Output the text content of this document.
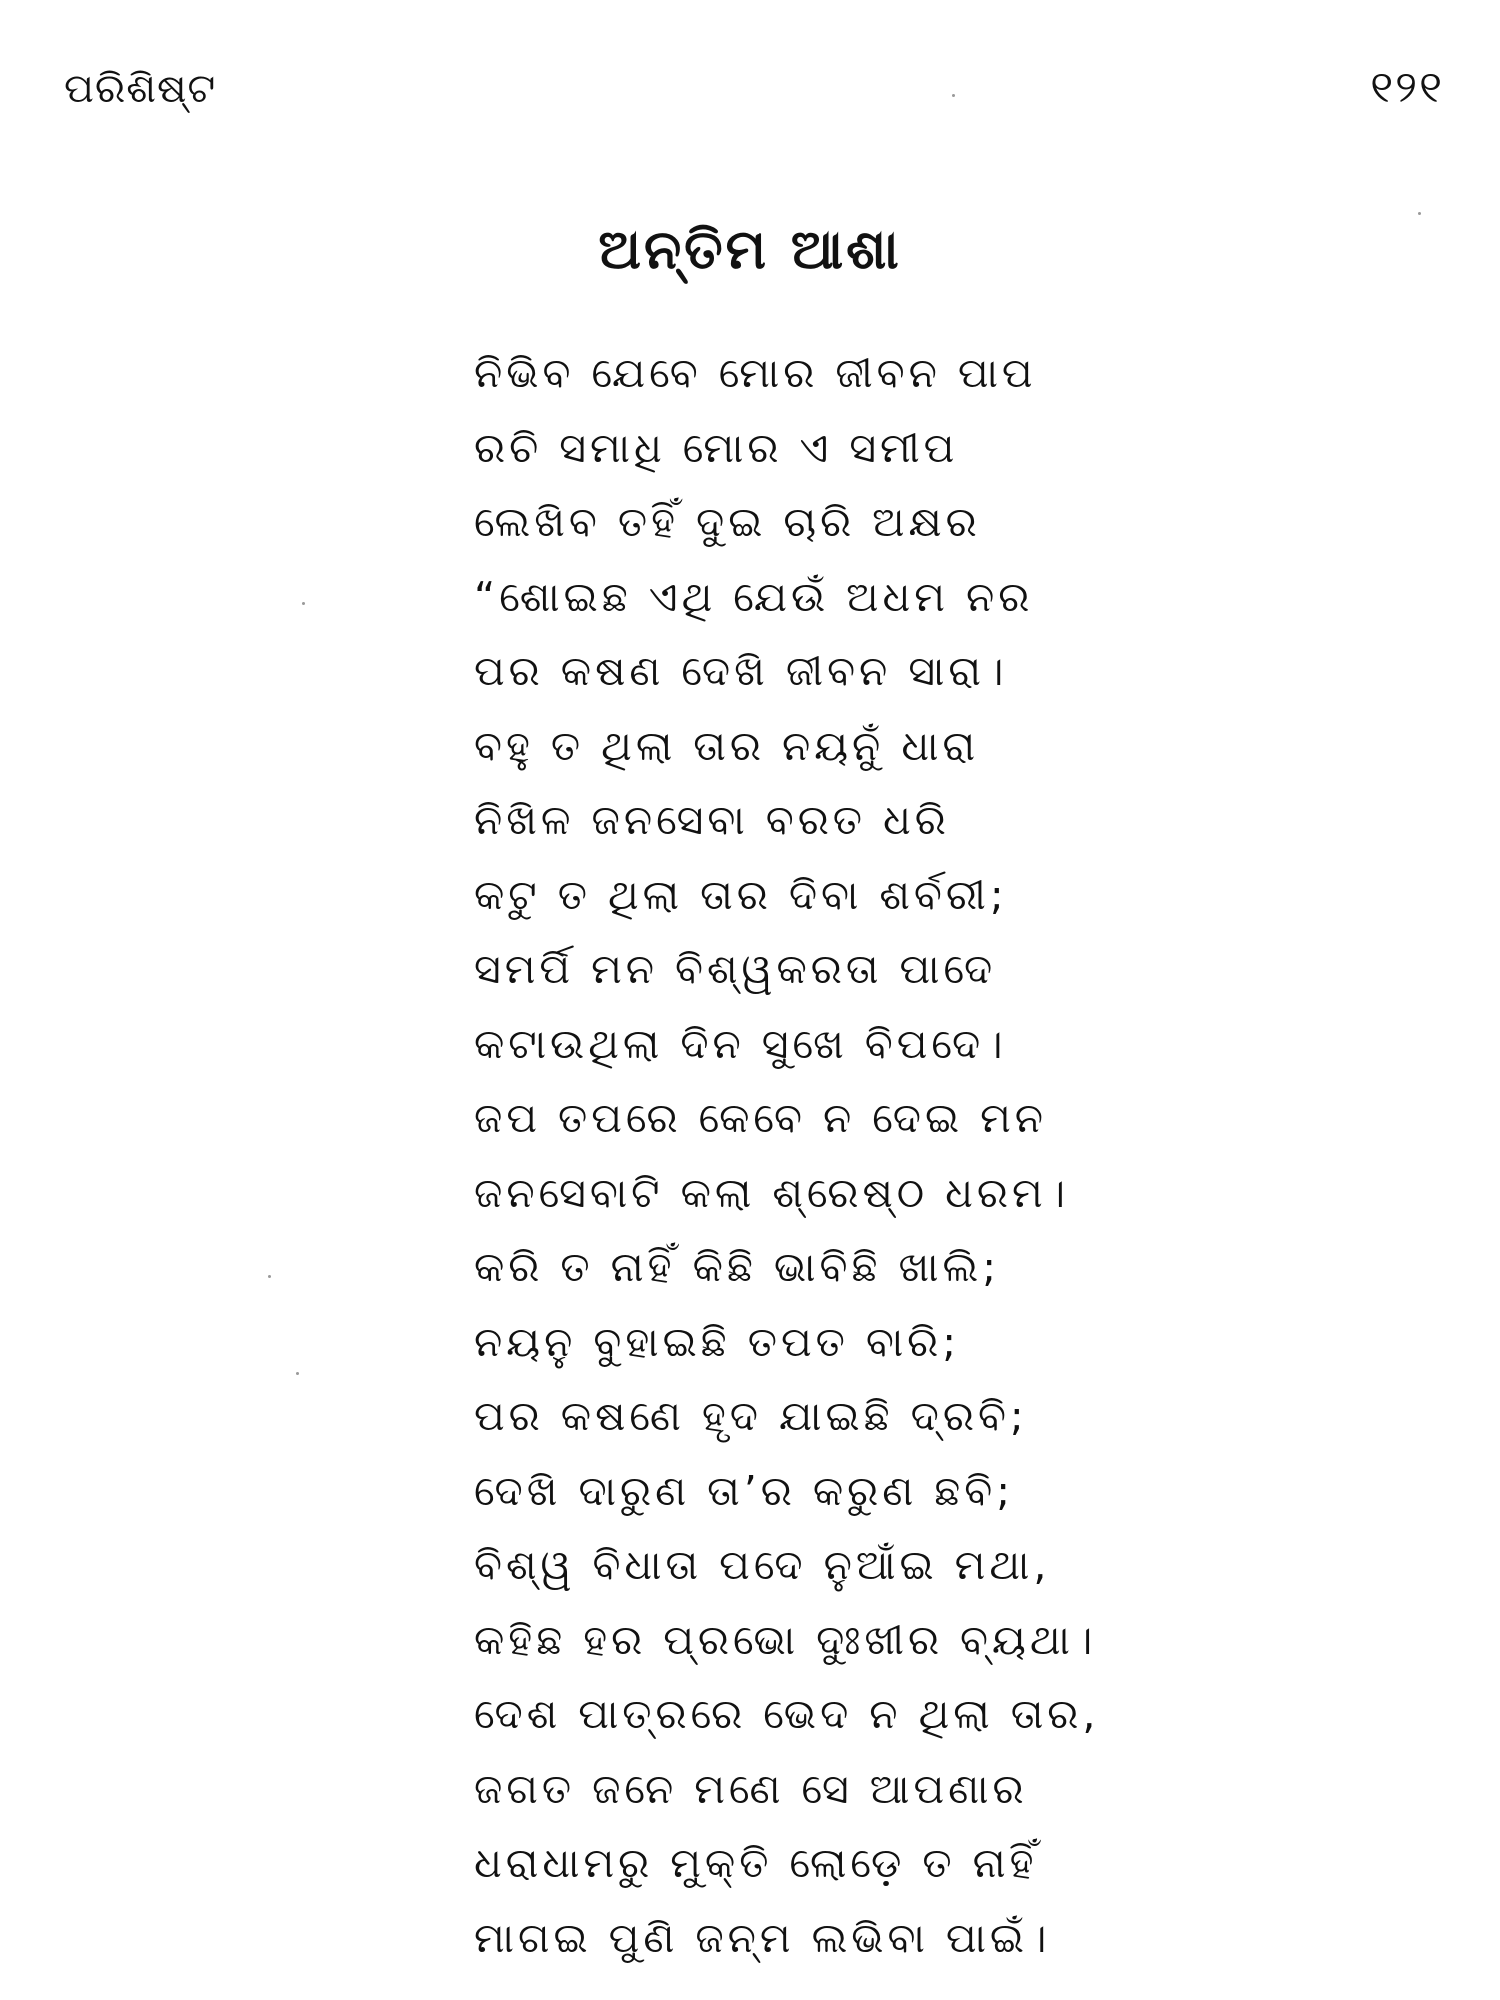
ପରିଶିଷ୍ଟ	୧୨୧
ଅନ୍ତିମ ଆଶା
ନିଭିବ ଯେବେ ମୋର ଜୀବନ ପାପ
ରଚି ସମାଧି ମୋର ଏ ସମୀପ
ଲେଖିବ ତହିଁ ଦୁଇ ଚାରି ଅକ୍ଷର
“ଶୋଇଛ ଏଥି ଯେଉଁ ଅଧମ ନର
ପର କଷଣ ଦେଖି ଜୀବନ ସାରା।
ବହୁ ତ ଥିଲା ତାର ନୟନୁଁ ଧାରା
ନିଖିଳ ଜନସେବା ବରତ ଧରି
କଟୁ ତ ଥିଲା ତାର ଦିବା ଶର୍ବରୀ;
ସମର୍ପି ମନ ବିଶ୍ୱକରତା ପାଦେ
କଟାଉଥିଲା ଦିନ ସୁଖେ ବିପଦେ।
ଜପ ତପରେ କେବେ ନ ଦେଇ ମନ
ଜନସେବାଟି କଲା ଶ୍ରେଷ୍ଠ ଧରମ।
କରି ତ ନାହିଁ କିଛି ଭାବିଛି ଖାଲି;
ନୟନୁ ବୁହାଇଛି ତପତ ବାରି;
ପର କଷଣେ ହୃଦ ଯାଇଛି ଦ୍ରବି;
ଦେଖି ଦାରୁଣ ତା’ର କରୁଣ ଛବି;
ବିଶ୍ୱ ବିଧାତା ପଦେ ନୁଆଁଇ ମଥା,
କହିଛ ହର ପ୍ରଭୋ ଦୁଃଖୀର ବ୍ୟଥା।
ଦେଶ ପାତ୍ରରେ ଭେଦ ନ ଥିଲା ତାର,
ଜଗତ ଜନେ ମଣେ ସେ ଆପଣାର
ଧରାଧାମରୁ ମୁକ୍ତି ଲୋଡ଼େ ତ ନାହିଁ
ମାଗଇ ପୁଣି ଜନ୍ମ ଲଭିବା ପାଇଁ।
